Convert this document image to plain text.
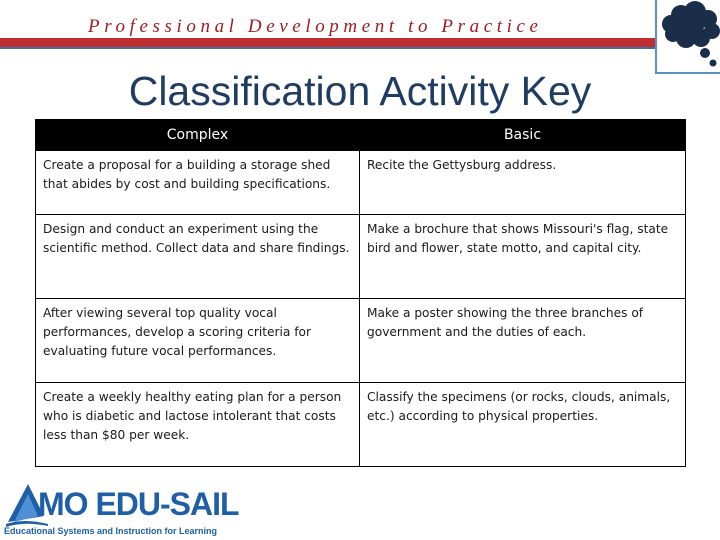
Professional Development to Practice
Classification Activity Key
Complex	Basic
Create a proposal for a building a storage shed that abides by cost and building specifications.	Recite the Gettysburg address.
Design and conduct an experiment using the scientific method. Collect data and share findings.	Make a brochure that shows Missouri's flag, state bird and flower, state motto, and capital city.
After viewing several top quality vocal performances, develop a scoring criteria for evaluating future vocal performances.	Make a poster showing the three branches of government and the duties of each.
Create a weekly healthy eating plan for a person who is diabetic and lactose intolerant that costs less than $80 per week.	Classify the specimens (or rocks, clouds, animals, etc.) according to physical properties.
MO EDU-SAIL
Educational Systems and Instruction for Learning
